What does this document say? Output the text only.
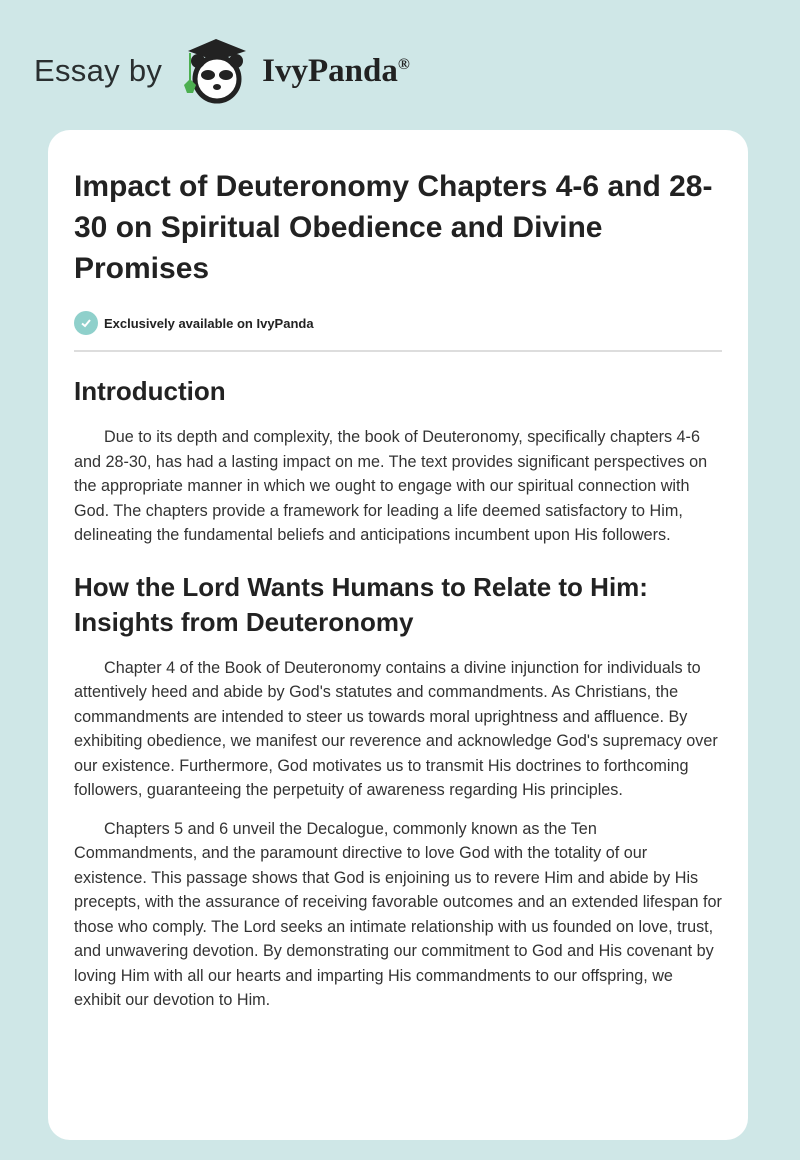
Essay by	IvyPanda®
Impact of Deuteronomy Chapters 4-6 and 28-30 on Spiritual Obedience and Divine Promises
Exclusively available on IvyPanda
Introduction

Due to its depth and complexity, the book of Deuteronomy, specifically chapters 4-6 and 28-30, has had a lasting impact on me. The text provides significant perspectives on the appropriate manner in which we ought to engage with our spiritual connection with God. The chapters provide a framework for leading a life deemed satisfactory to Him, delineating the fundamental beliefs and anticipations incumbent upon His followers.

How the Lord Wants Humans to Relate to Him: Insights from Deuteronomy

Chapter 4 of the Book of Deuteronomy contains a divine injunction for individuals to attentively heed and abide by God's statutes and commandments. As Christians, the commandments are intended to steer us towards moral uprightness and affluence. By exhibiting obedience, we manifest our reverence and acknowledge God's supremacy over our existence. Furthermore, God motivates us to transmit His doctrines to forthcoming followers, guaranteeing the perpetuity of awareness regarding His principles.

Chapters 5 and 6 unveil the Decalogue, commonly known as the Ten Commandments, and the paramount directive to love God with the totality of our existence. This passage shows that God is enjoining us to revere Him and abide by His precepts, with the assurance of receiving favorable outcomes and an extended lifespan for those who comply. The Lord seeks an intimate relationship with us founded on love, trust, and unwavering devotion. By demonstrating our commitment to God and His covenant by loving Him with all our hearts and imparting His commandments to our offspring, we exhibit our devotion to Him.
